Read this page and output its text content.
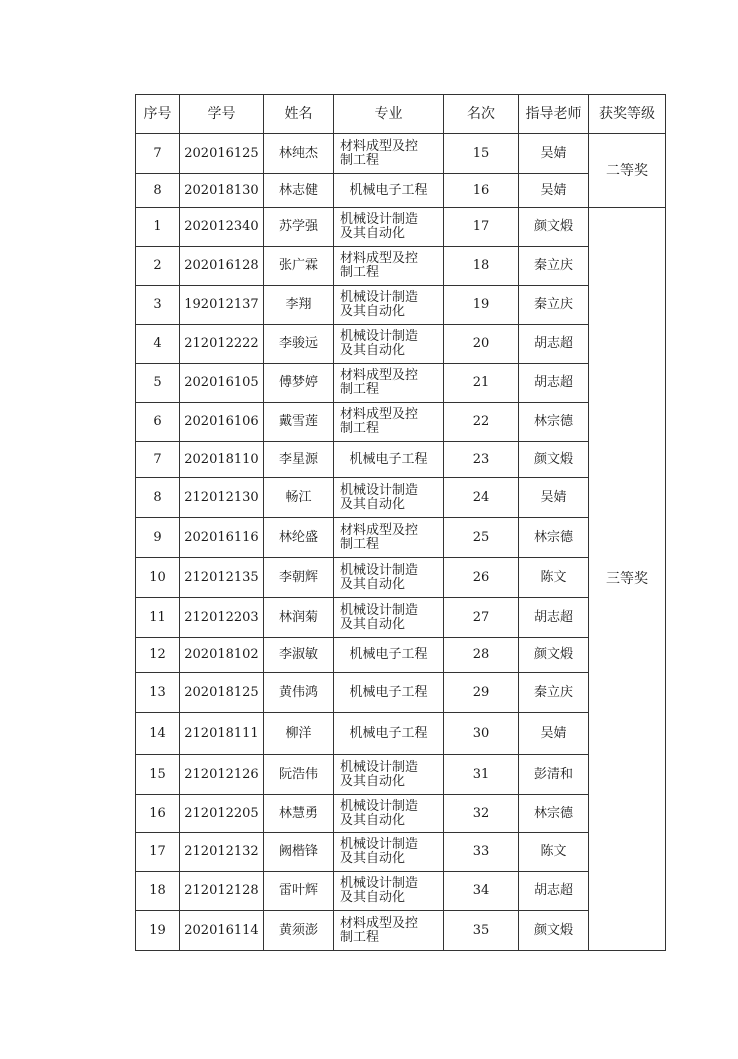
序号	学号	姓名	专业	名次	指导老师	获奖等级
7	202016125	林纯杰	材料成型及控
制工程	15	吴婧	二等奖
8	202018130	林志健	机械电子工程	16	吴婧	
1	202012340	苏学强	机械设计制造
及其自动化	17	颜文煅	三等奖
2	202016128	张广霖	材料成型及控
制工程	18	秦立庆	
3	192012137	李翔	机械设计制造
及其自动化	19	秦立庆	
4	212012222	李骏远	机械设计制造
及其自动化	20	胡志超	
5	202016105	傅梦婷	材料成型及控
制工程	21	胡志超	
6	202016106	戴雪莲	材料成型及控
制工程	22	林宗德	
7	202018110	李星源	机械电子工程	23	颜文煅	
8	212012130	畅江	机械设计制造
及其自动化	24	吴婧	
9	202016116	林纶盛	材料成型及控
制工程	25	林宗德	
10	212012135	李朝辉	机械设计制造
及其自动化	26	陈文	
11	212012203	林润菊	机械设计制造
及其自动化	27	胡志超	
12	202018102	李淑敏	机械电子工程	28	颜文煅	
13	202018125	黄伟鸿	机械电子工程	29	秦立庆	
14	212018111	柳洋	机械电子工程	30	吴婧	
15	212012126	阮浩伟	机械设计制造
及其自动化	31	彭清和	
16	212012205	林慧勇	机械设计制造
及其自动化	32	林宗德	
17	212012132	阙楷锋	机械设计制造
及其自动化	33	陈文	
18	212012128	雷叶辉	机械设计制造
及其自动化	34	胡志超	
19	202016114	黄须澎	材料成型及控
制工程	35	颜文煅	
